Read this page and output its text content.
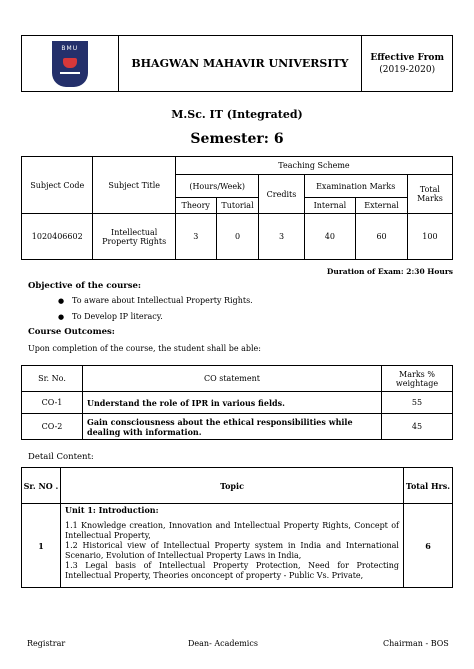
BMU
	BHAGWAN MAHAVIR UNIVERSITY	Effective From
(2019-2020)
M.Sc. IT (Integrated)
Semester: 6
Subject Code	Subject Title	Teaching Scheme					
		(Hours/Week)		Credits	Examination Marks		Total Marks
		Theory	Tutorial		Internal	External	
1020406602	Intellectual Property Rights	3	0	3	40	60	100
Duration of Exam: 2:30 Hours
Objective of the course:
● To aware about Intellectual Property Rights.
● To Develop IP literacy.
Course Outcomes:
Upon completion of the course, the student shall be able:
Sr. No.	CO statement	Marks % weightage
CO-1	Understand the role of IPR in various fields.	55
CO-2	Gain consciousness about the ethical responsibilities while dealing with information.	45
Detail Content:
Sr. NO .	Topic	Total Hrs.
1	Unit 1: Introduction:

1.1 Knowledge creation, Innovation and Intellectual Property Rights, Concept of Intellectual Property,

1.2 Historical view of Intellectual Property system in India and International Scenario, Evolution of Intellectual Property Laws in India,

1.3 Legal basis of Intellectual Property Protection, Need for Protecting Intellectual Property, Theories onconcept of property - Public Vs. Private,	6
Registrar	Dean- Academics	Chairman - BOS
